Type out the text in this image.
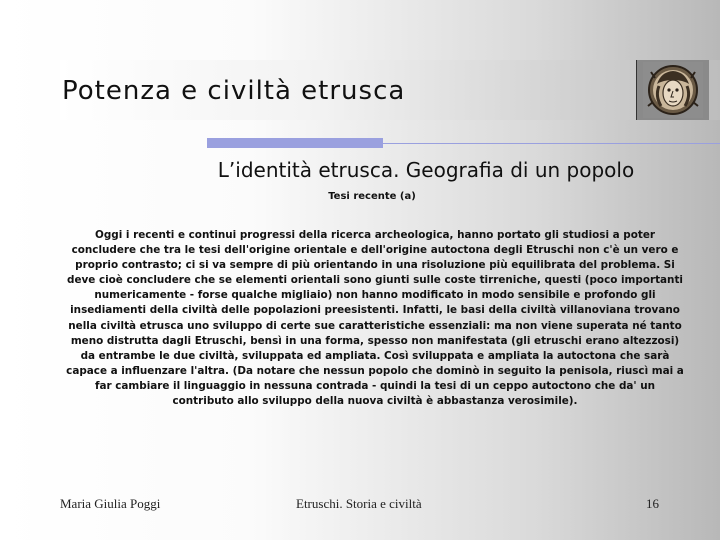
Potenza e civiltà etrusca
L’identità etrusca. Geografia di un popolo
Tesi recente (a)
Oggi i recenti e continui progressi della ricerca archeologica, hanno portato gli studiosi a poter concludere che tra le tesi dell'origine orientale e dell'origine autoctona degli Etruschi non c'è un vero e proprio contrasto; ci si va sempre di più orientando in una risoluzione più equilibrata del problema. Si deve cioè concludere che se elementi orientali sono giunti sulle coste tirreniche, questi (poco importanti numericamente - forse qualche migliaio) non hanno modificato in modo sensibile e profondo gli insediamenti della civiltà delle popolazioni preesistenti. Infatti, le basi della civiltà villanoviana trovano nella civiltà etrusca uno sviluppo di certe sue caratteristiche essenziali: ma non viene superata né tanto meno distrutta dagli Etruschi, bensì in una forma, spesso non manifestata (gli etruschi erano altezzosi) da entrambe le due civiltà, sviluppata ed ampliata. Così sviluppata e ampliata la autoctona che sarà capace a influenzare l'altra. (Da notare che nessun popolo che dominò in seguito la penisola, riuscì mai a far cambiare il linguaggio in nessuna contrada - quindi la tesi di un ceppo autoctono che da' un contributo allo sviluppo della nuova civiltà è abbastanza verosimile).
Maria Giulia Poggi	Etruschi. Storia e civiltà	16
